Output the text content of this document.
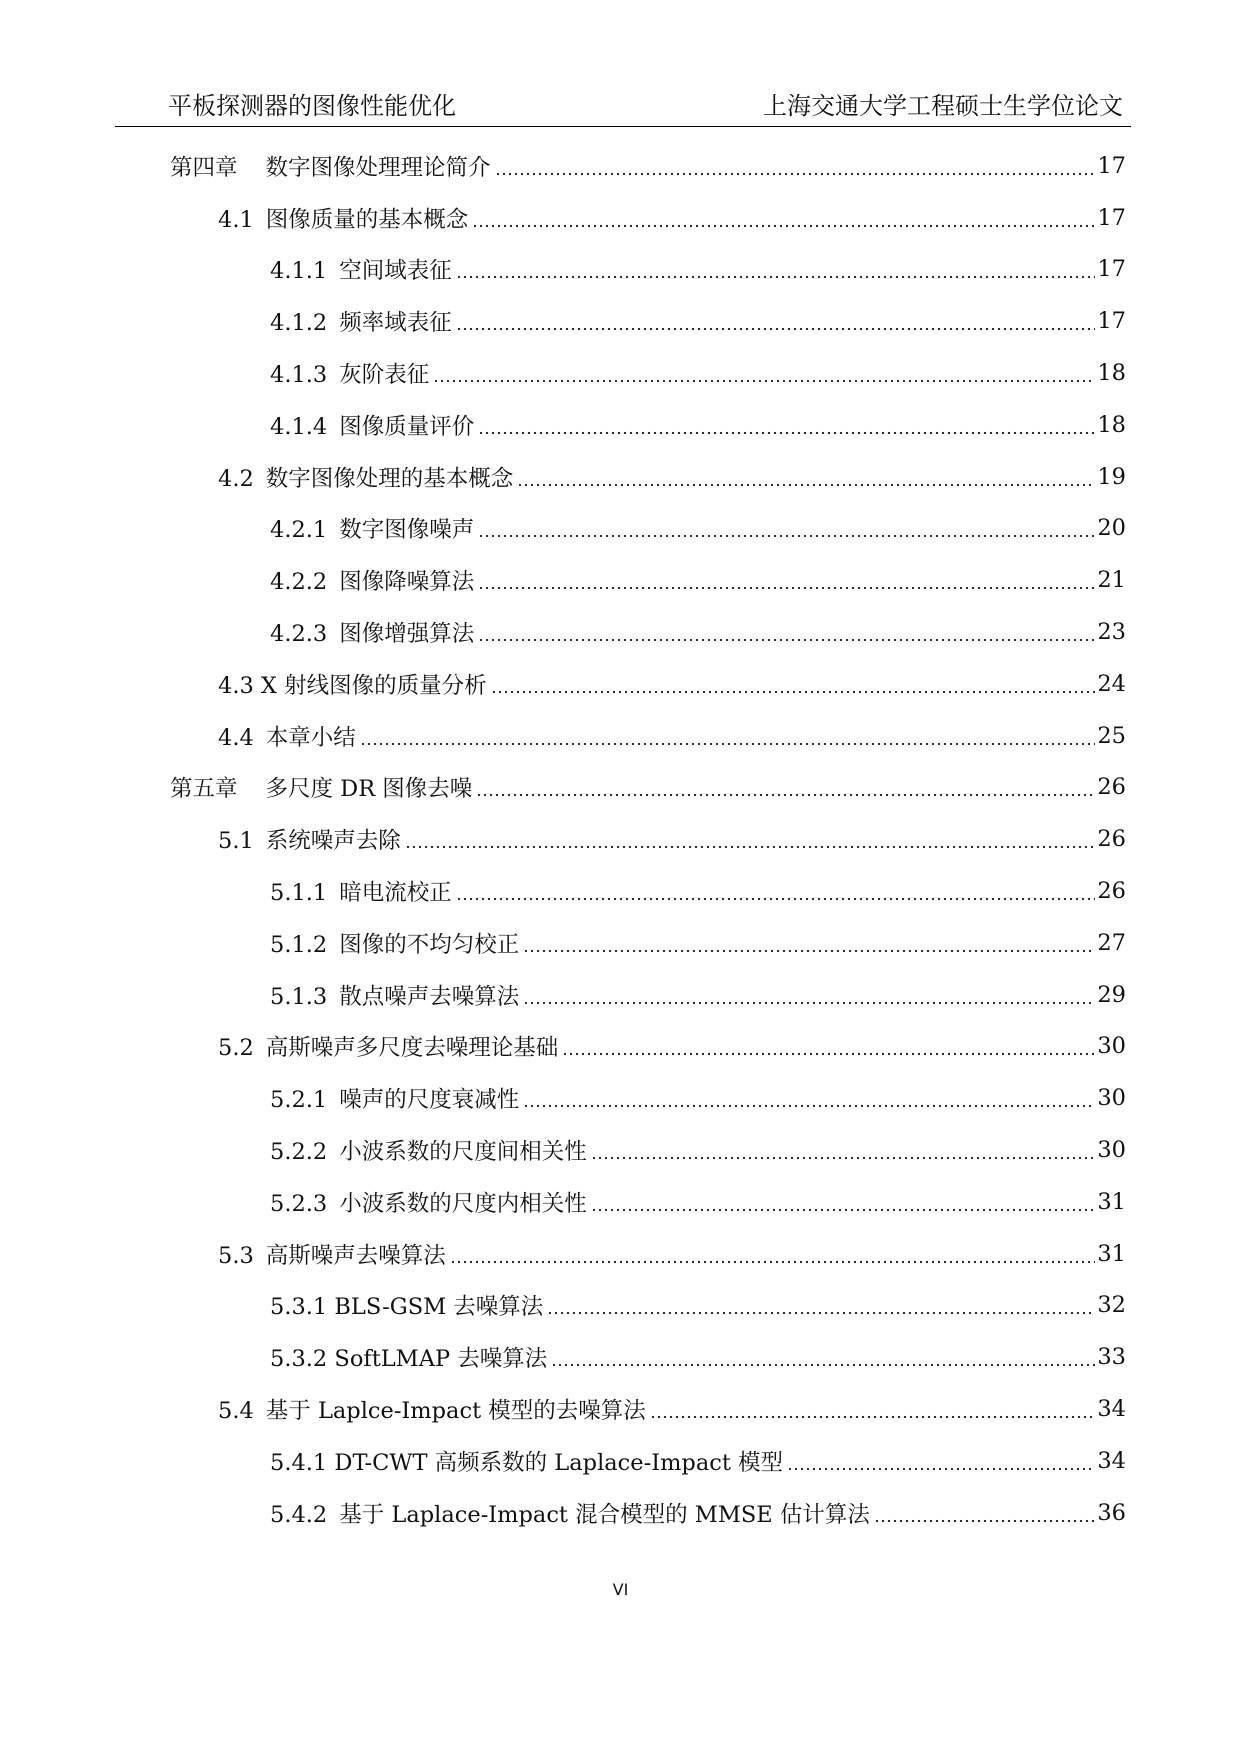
平板探测器的图像性能优化	上海交通大学工程硕士生学位论文
第四章 数字图像处理理论简介	17
4.1 图像质量的基本概念	17
4.1.1 空间域表征	17
4.1.2 频率域表征	17
4.1.3 灰阶表征	18
4.1.4 图像质量评价	18
4.2 数字图像处理的基本概念	19
4.2.1 数字图像噪声	20
4.2.2 图像降噪算法	21
4.2.3 图像增强算法	23
4.3 X 射线图像的质量分析	24
4.4 本章小结	25
第五章 多尺度 DR 图像去噪	26
5.1 系统噪声去除	26
5.1.1 暗电流校正	26
5.1.2 图像的不均匀校正	27
5.1.3 散点噪声去噪算法	29
5.2 高斯噪声多尺度去噪理论基础	30
5.2.1 噪声的尺度衰减性	30
5.2.2 小波系数的尺度间相关性	30
5.2.3 小波系数的尺度内相关性	31
5.3 高斯噪声去噪算法	31
5.3.1 BLS-GSM 去噪算法	32
5.3.2 SoftLMAP 去噪算法	33
5.4 基于 Laplce-Impact 模型的去噪算法	34
5.4.1 DT-CWT 高频系数的 Laplace-Impact 模型	34
5.4.2 基于 Laplace-Impact 混合模型的 MMSE 估计算法	36
VI
